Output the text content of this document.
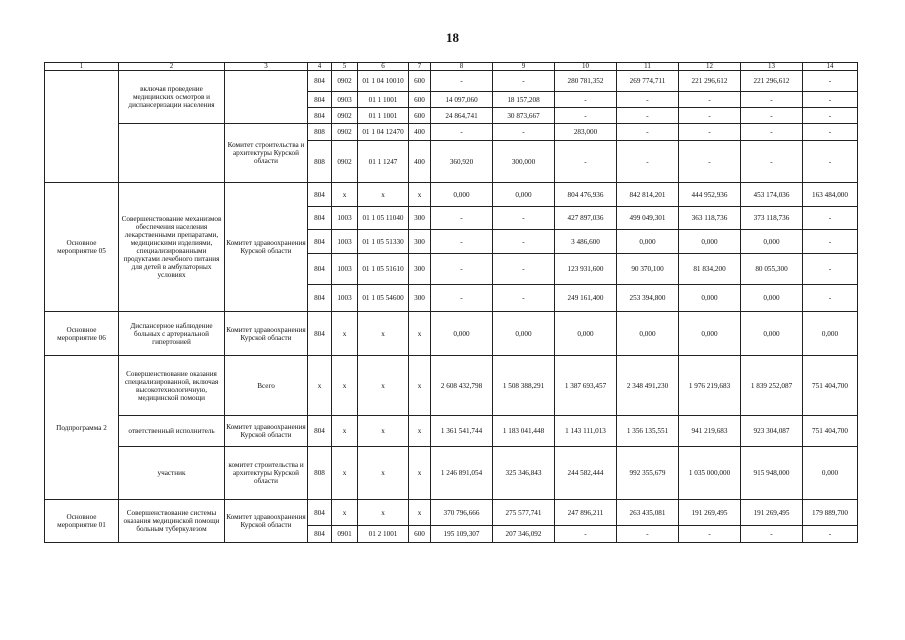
18
1	2	3	4	5	6	7	8	9	10	11	12	13	14
	включая проведение медицинских осмотров и диспансеризации населения		804	0902	01 1 04 10010	600	-	-	280 781,352	269 774,711	221 296,612	221 296,612	-
			804	0903	01 1 1001	600	14 097,060	18 157,208	-	-	-	-	-
			804	0902	01 1 1001	600	24 864,741	30 873,667	-	-	-	-	-
		Комитет строительства и архитектуры Курской области	808	0902	01 1 04 12470	400	-	-	283,000	-	-	-	-
			808	0902	01 1 1247	400	360,920	300,000	-	-	-	-	-
Основное мероприятие 05	Совершенствование механизмов обеспечения населения лекарственными препаратами, медицинскими изделиями, специализированными продуктами лечебного питания для детей в амбулаторных условиях	Комитет здравоохранения Курской области	804	х	х	х	0,000	0,000	804 476,936	842 814,201	444 952,936	453 174,036	163 484,000
			804	1003	01 1 05 11040	300	-	-	427 897,036	499 049,301	363 118,736	373 118,736	-
			804	1003	01 1 05 51330	300	-	-	3 486,600	0,000	0,000	0,000	-
			804	1003	01 1 05 51610	300	-	-	123 931,600	90 370,100	81 834,200	80 055,300	-
			804	1003	01 1 05 54600	300	-	-	249 161,400	253 394,800	0,000	0,000	-
Основное мероприятие 06	Диспансерное наблюдение больных с артериальной гипертонией	Комитет здравоохранения Курской области	804	х	х	х	0,000	0,000	0,000	0,000	0,000	0,000	0,000
Подпрограмма 2	Совершенствование оказания специализированной, включая высокотехнологичную, медицинской помощи	Всего	х	х	х	х	2 608 432,798	1 508 388,291	1 387 693,457	2 348 491,230	1 976 219,683	1 839 252,087	751 404,700
	ответственный исполнитель	Комитет здравоохранения Курской области	804	х	х	х	1 361 541,744	1 183 041,448	1 143 111,013	1 356 135,551	941 219,683	923 304,087	751 404,700
	участник	комитет строительства и архитектуры Курской области	808	х	х	х	1 246 891,054	325 346,843	244 582,444	992 355,679	1 035 000,000	915 948,000	0,000
Основное мероприятие 01	Совершенствование системы оказания медицинской помощи больным туберкулезом	Комитет здравоохранения Курской области	804	х	х	х	370 796,666	275 577,741	247 896,211	263 435,081	191 269,495	191 269,495	179 889,700
			804	0901	01 2 1001	600	195 109,307	207 346,092	-	-	-	-	-
